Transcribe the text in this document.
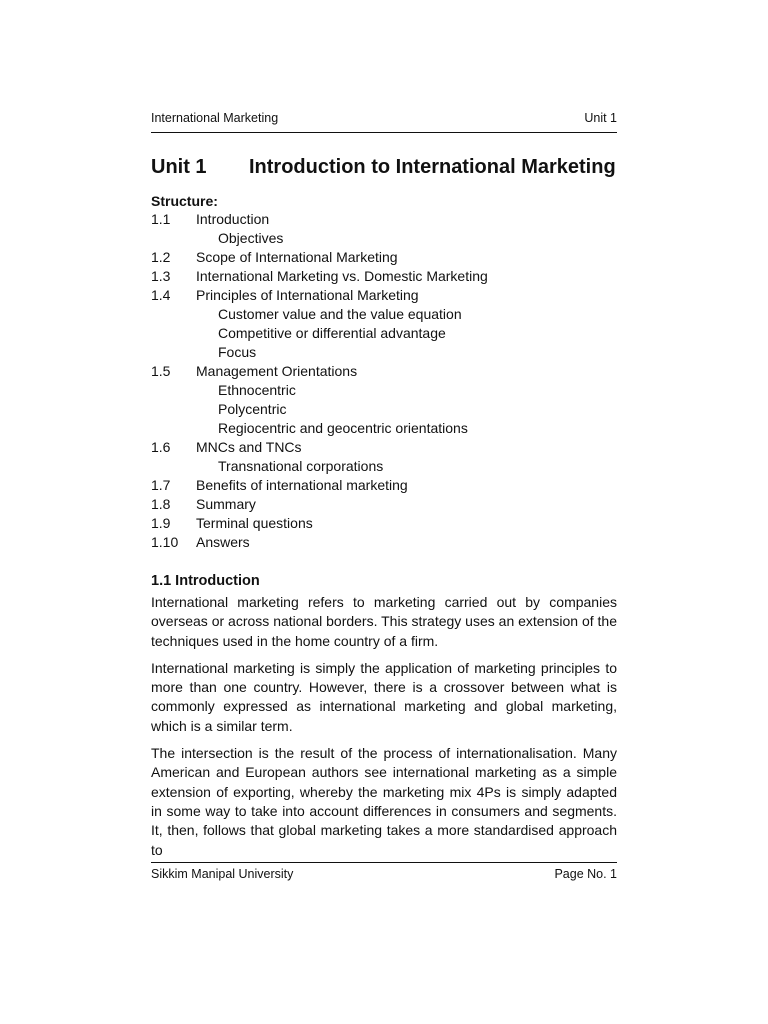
International Marketing	Unit 1
Unit 1	Introduction to International Marketing
Structure:
1.1	Introduction
Objectives
1.2	Scope of International Marketing
1.3	International Marketing vs. Domestic Marketing
1.4	Principles of International Marketing
Customer value and the value equation
Competitive or differential advantage
Focus
1.5	Management Orientations
Ethnocentric
Polycentric
Regiocentric and geocentric orientations
1.6	MNCs and TNCs
Transnational corporations
1.7	Benefits of international marketing
1.8	Summary
1.9	Terminal questions
1.10	Answers
1.1 Introduction

International marketing refers to marketing carried out by companies overseas or across national borders. This strategy uses an extension of the techniques used in the home country of a firm.

International marketing is simply the application of marketing principles to more than one country. However, there is a crossover between what is commonly expressed as international marketing and global marketing, which is a similar term.

The intersection is the result of the process of internationalisation. Many American and European authors see international marketing as a simple extension of exporting, whereby the marketing mix 4Ps is simply adapted in some way to take into account differences in consumers and segments. It, then, follows that global marketing takes a more standardised approach to

Sikkim Manipal University	Page No. 1
